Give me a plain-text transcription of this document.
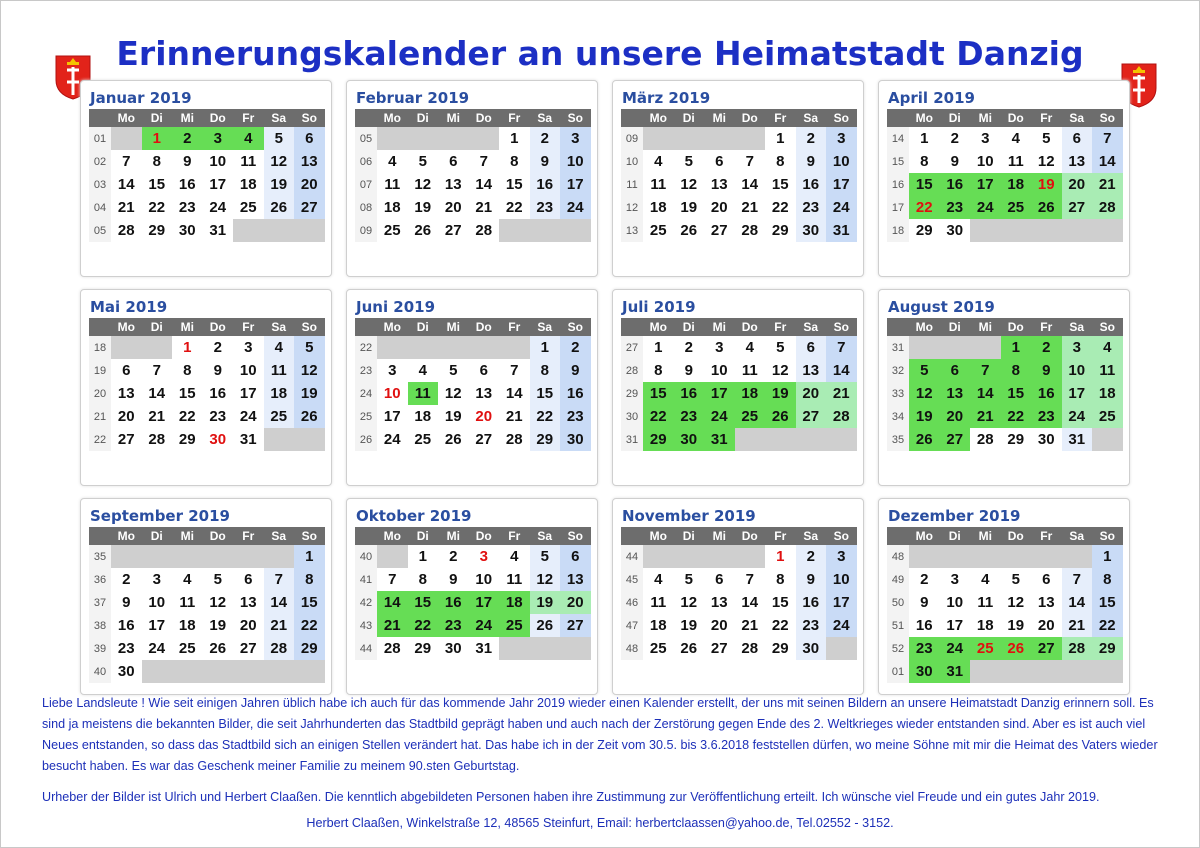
Erinnerungskalender an unsere Heimatstadt Danzig
Januar 2019
	Mo	Di	Mi	Do	Fr	Sa	So
01		1	2	3	4	5	6
02	7	8	9	10	11	12	13
03	14	15	16	17	18	19	20
04	21	22	23	24	25	26	27
05	28	29	30	31			
Februar 2019
	Mo	Di	Mi	Do	Fr	Sa	So
05					1	2	3
06	4	5	6	7	8	9	10
07	11	12	13	14	15	16	17
08	18	19	20	21	22	23	24
09	25	26	27	28			
März 2019
	Mo	Di	Mi	Do	Fr	Sa	So
09					1	2	3
10	4	5	6	7	8	9	10
11	11	12	13	14	15	16	17
12	18	19	20	21	22	23	24
13	25	26	27	28	29	30	31
April 2019
	Mo	Di	Mi	Do	Fr	Sa	So
14	1	2	3	4	5	6	7
15	8	9	10	11	12	13	14
16	15	16	17	18	19	20	21
17	22	23	24	25	26	27	28
18	29	30					
Mai 2019
	Mo	Di	Mi	Do	Fr	Sa	So
18			1	2	3	4	5
19	6	7	8	9	10	11	12
20	13	14	15	16	17	18	19
21	20	21	22	23	24	25	26
22	27	28	29	30	31		
Juni 2019
	Mo	Di	Mi	Do	Fr	Sa	So
22						1	2
23	3	4	5	6	7	8	9
24	10	11	12	13	14	15	16
25	17	18	19	20	21	22	23
26	24	25	26	27	28	29	30
Juli 2019
	Mo	Di	Mi	Do	Fr	Sa	So
27	1	2	3	4	5	6	7
28	8	9	10	11	12	13	14
29	15	16	17	18	19	20	21
30	22	23	24	25	26	27	28
31	29	30	31				
August 2019
	Mo	Di	Mi	Do	Fr	Sa	So
31				1	2	3	4
32	5	6	7	8	9	10	11
33	12	13	14	15	16	17	18
34	19	20	21	22	23	24	25
35	26	27	28	29	30	31	
September 2019
	Mo	Di	Mi	Do	Fr	Sa	So
35							1
36	2	3	4	5	6	7	8
37	9	10	11	12	13	14	15
38	16	17	18	19	20	21	22
39	23	24	25	26	27	28	29
40	30						
Oktober 2019
	Mo	Di	Mi	Do	Fr	Sa	So
40		1	2	3	4	5	6
41	7	8	9	10	11	12	13
42	14	15	16	17	18	19	20
43	21	22	23	24	25	26	27
44	28	29	30	31			
November 2019
	Mo	Di	Mi	Do	Fr	Sa	So
44					1	2	3
45	4	5	6	7	8	9	10
46	11	12	13	14	15	16	17
47	18	19	20	21	22	23	24
48	25	26	27	28	29	30	
Dezember 2019
	Mo	Di	Mi	Do	Fr	Sa	So
48							1
49	2	3	4	5	6	7	8
50	9	10	11	12	13	14	15
51	16	17	18	19	20	21	22
52	23	24	25	26	27	28	29
01	30	31					
Liebe Landsleute ! Wie seit einigen Jahren üblich habe ich auch für das kommende Jahr 2019 wieder einen Kalender erstellt, der uns mit seinen Bildern an unsere Heimatstadt Danzig erinnern soll. Es sind ja meistens die bekannten Bilder, die seit Jahrhunderten das Stadtbild geprägt haben und auch nach der Zerstörung gegen Ende des 2. Weltkrieges wieder entstanden sind. Aber es ist auch viel Neues entstanden, so dass das Stadtbild sich an einigen Stellen verändert hat. Das habe ich in der Zeit vom 30.5. bis 3.6.2018 feststellen dürfen, wo meine Söhne mit mir die Heimat des Vaters wieder besucht haben. Es war das Geschenk meiner Familie zu meinem 90.sten Geburtstag.
Urheber der Bilder ist Ulrich und Herbert Claaßen. Die kenntlich abgebildeten Personen haben ihre Zustimmung zur Veröffentlichung erteilt. Ich wünsche viel Freude und ein gutes Jahr 2019.
Herbert Claaßen, Winkelstraße 12, 48565 Steinfurt, Email: herbertclaassen@yahoo.de, Tel.02552 - 3152.
